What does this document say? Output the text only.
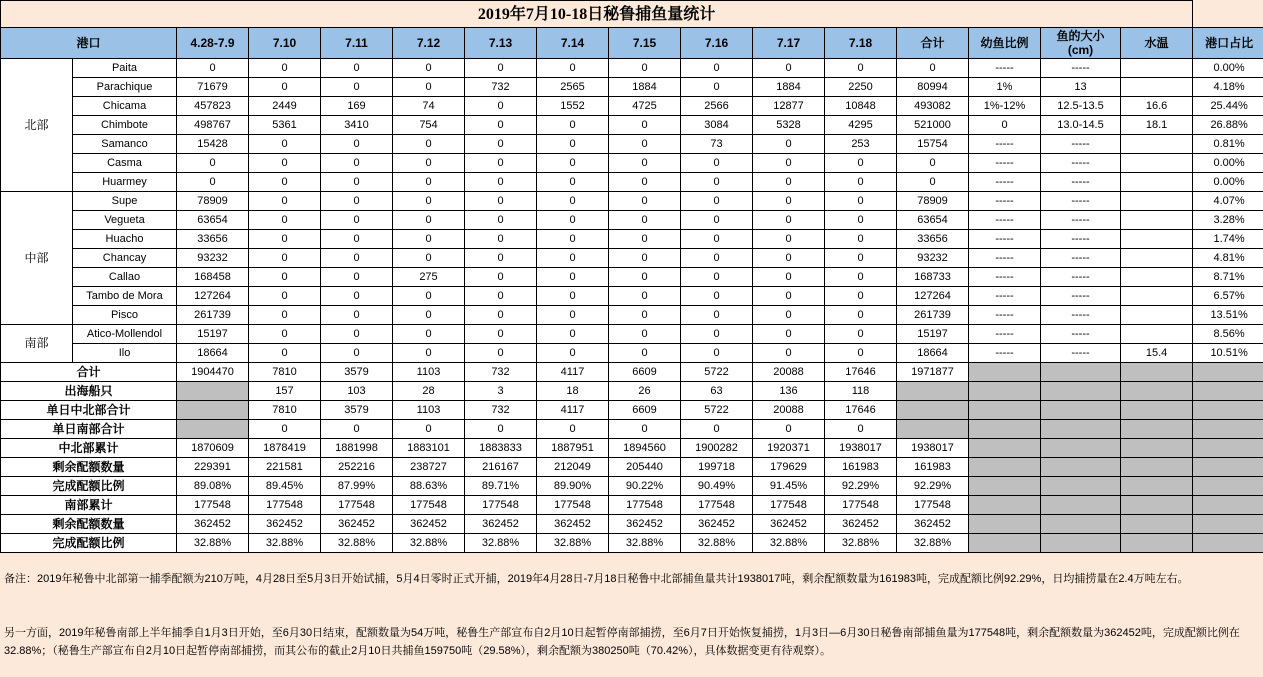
2019年7月10-18日秘鲁捕鱼量统计																
港口		4.28-7.9	7.10	7.11	7.12	7.13	7.14	7.15	7.16	7.17	7.18	合计	幼鱼比例	鱼的大小
(cm)	水温	港口占比
北部	Paita	0	0	0	0	0	0	0	0	0	0	0	-----	-----		0.00%
	Parachique	71679	0	0	0	732	2565	1884	0	1884	2250	80994	1%	13		4.18%
	Chicama	457823	2449	169	74	0	1552	4725	2566	12877	10848	493082	1%-12%	12.5-13.5	16.6	25.44%
	Chimbote	498767	5361	3410	754	0	0	0	3084	5328	4295	521000	0	13.0-14.5	18.1	26.88%
	Samanco	15428	0	0	0	0	0	0	73	0	253	15754	-----	-----		0.81%
	Casma	0	0	0	0	0	0	0	0	0	0	0	-----	-----		0.00%
	Huarmey	0	0	0	0	0	0	0	0	0	0	0	-----	-----		0.00%
中部	Supe	78909	0	0	0	0	0	0	0	0	0	78909	-----	-----		4.07%
	Vegueta	63654	0	0	0	0	0	0	0	0	0	63654	-----	-----		3.28%
	Huacho	33656	0	0	0	0	0	0	0	0	0	33656	-----	-----		1.74%
	Chancay	93232	0	0	0	0	0	0	0	0	0	93232	-----	-----		4.81%
	Callao	168458	0	0	275	0	0	0	0	0	0	168733	-----	-----		8.71%
	Tambo de Mora	127264	0	0	0	0	0	0	0	0	0	127264	-----	-----		6.57%
	Pisco	261739	0	0	0	0	0	0	0	0	0	261739	-----	-----		13.51%
南部	Atico-Mollendol	15197	0	0	0	0	0	0	0	0	0	15197	-----	-----		8.56%
	Ilo	18664	0	0	0	0	0	0	0	0	0	18664	-----	-----	15.4	10.51%
合计		1904470	7810	3579	1103	732	4117	6609	5722	20088	17646	1971877				
出海船只			157	103	28	3	18	26	63	136	118					
单日中北部合计			7810	3579	1103	732	4117	6609	5722	20088	17646					
单日南部合计			0	0	0	0	0	0	0	0	0					
中北部累计		1870609	1878419	1881998	1883101	1883833	1887951	1894560	1900282	1920371	1938017	1938017				
剩余配额数量		229391	221581	252216	238727	216167	212049	205440	199718	179629	161983	161983				
完成配额比例		89.08%	89.45%	87.99%	88.63%	89.71%	89.90%	90.22%	90.49%	91.45%	92.29%	92.29%				
南部累计		177548	177548	177548	177548	177548	177548	177548	177548	177548	177548	177548				
剩余配额数量		362452	362452	362452	362452	362452	362452	362452	362452	362452	362452	362452				
完成配额比例		32.88%	32.88%	32.88%	32.88%	32.88%	32.88%	32.88%	32.88%	32.88%	32.88%	32.88%				

备注：2019年秘鲁中北部第一捕季配额为210万吨，4月28日至5月3日开始试捕，5月4日零时正式开捕，2019年4月28日-7月18日秘鲁中北部捕鱼量共计1938017吨，剩余配额数量为161983吨，完成配额比例92.29%，日均捕捞量在2.4万吨左右。

另一方面，2019年秘鲁南部上半年捕季自1月3日开始，至6月30日结束，配额数量为54万吨，秘鲁生产部宣布自2月10日起暂停南部捕捞，至6月7日开始恢复捕捞，1月3日—6月30日秘鲁南部捕鱼量为177548吨，剩余配额数量为362452吨，完成配额比例在32.88%；（秘鲁生产部宣布自2月10日起暂停南部捕捞，而其公布的截止2月10日共捕鱼159750吨（29.58%），剩余配额为380250吨（70.42%），具体数据变更有待观察）。
